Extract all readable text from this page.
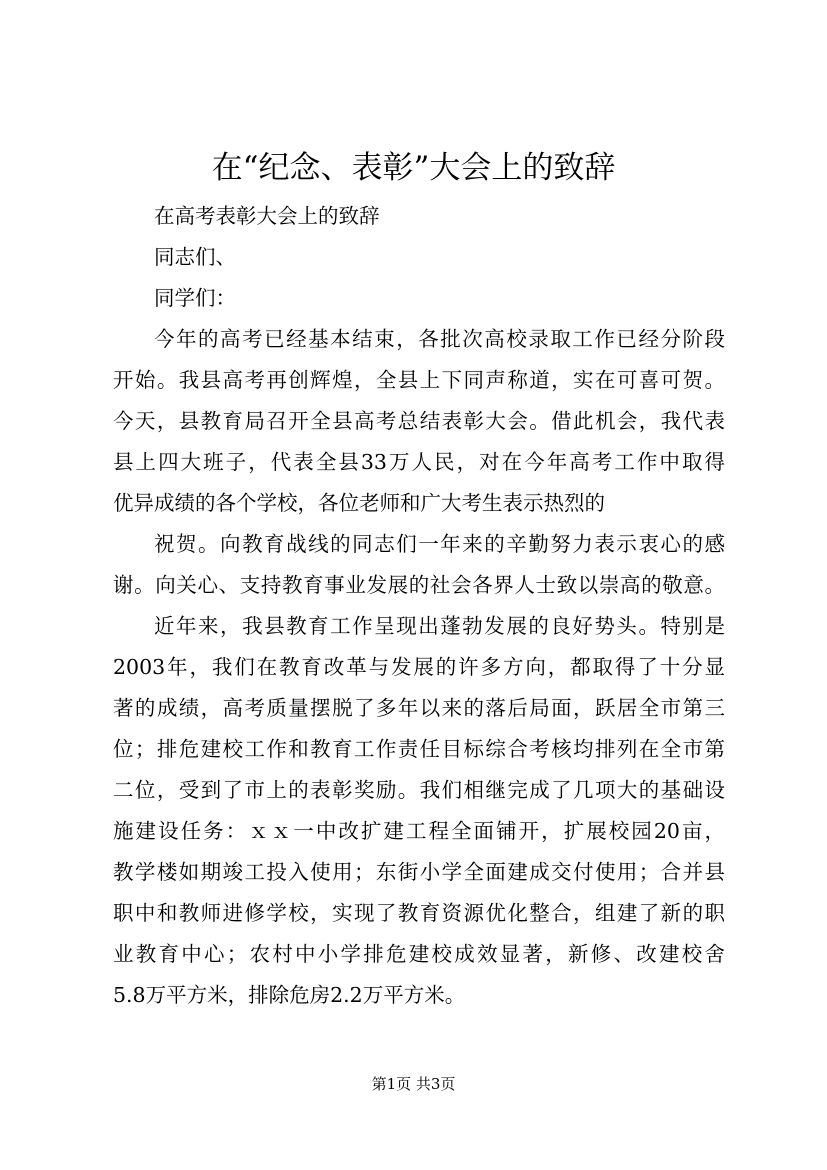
在“纪念、表彰”大会上的致辞
在高考表彰大会上的致辞
同志们、
同学们：
今年的高考已经基本结束，各批次高校录取工作已经分阶段
开始。我县高考再创辉煌，全县上下同声称道，实在可喜可贺。
今天，县教育局召开全县高考总结表彰大会。借此机会，我代表
县上四大班子，代表全县33万人民，对在今年高考工作中取得
优异成绩的各个学校，各位老师和广大考生表示热烈的
祝贺。向教育战线的同志们一年来的辛勤努力表示衷心的感
谢。向关心、支持教育事业发展的社会各界人士致以崇高的敬意。
近年来，我县教育工作呈现出蓬勃发展的良好势头。特别是
2003年，我们在教育改革与发展的许多方向，都取得了十分显
著的成绩，高考质量摆脱了多年以来的落后局面，跃居全市第三
位；排危建校工作和教育工作责任目标综合考核均排列在全市第
二位，受到了市上的表彰奖励。我们相继完成了几项大的基础设
施建设任务：ｘｘ一中改扩建工程全面铺开，扩展校园20亩，
教学楼如期竣工投入使用；东街小学全面建成交付使用；合并县
职中和教师进修学校，实现了教育资源优化整合，组建了新的职
业教育中心；农村中小学排危建校成效显著，新修、改建校舍
5.8万平方米，排除危房2.2万平方米。
第1页 共3页
